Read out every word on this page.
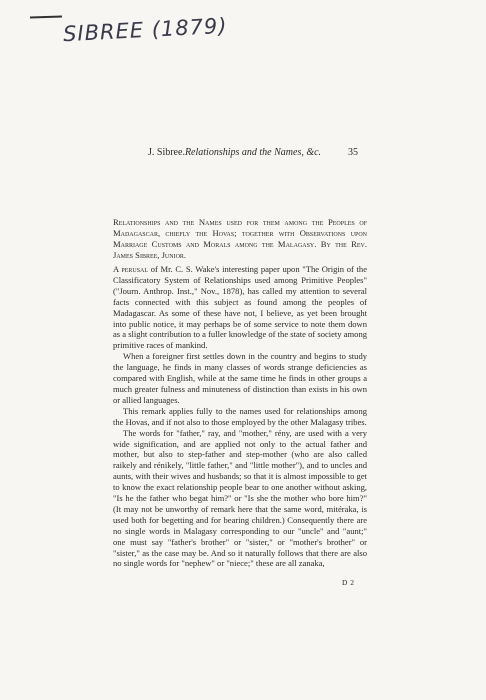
SIBREE (1879)
J. Sibree.Relationships and the Names, &c.	35
Relationships and the Names used for them among the Peoples of Madagascar, chiefly the Hovas; together with Observations upon Marriage Customs and Morals among the Malagasy. By the Rev. James Sibree, Junior.

A perusal of Mr. C. S. Wake's interesting paper upon "The Origin of the Classificatory System of Relationships used among Primitive Peoples" ("Journ. Anthrop. Inst.," Nov., 1878), has called my attention to several facts connected with this subject as found among the peoples of Madagascar. As some of these have not, I believe, as yet been brought into public notice, it may perhaps be of some service to note them down as a slight contribution to a fuller knowledge of the state of society among primitive races of mankind.

When a foreigner first settles down in the country and begins to study the language, he finds in many classes of words strange deficiencies as compared with English, while at the same time he finds in other groups a much greater fulness and minuteness of distinction than exists in his own or allied languages.

This remark applies fully to the names used for relationships among the Hovas, and if not also to those employed by the other Malagasy tribes.

The words for "father," ray, and "mother," rény, are used with a very wide signification, and are applied not only to the actual father and mother, but also to step-father and step-mother (who are also called raikely and rénikely, "little father," and "little mother"), and to uncles and aunts, with their wives and husbands; so that it is almost impossible to get to know the exact relationship people bear to one another without asking, "Is he the father who begat him?" or "Is she the mother who bore him?" (It may not be unworthy of remark here that the same word, mitéraka, is used both for begetting and for bearing children.) Consequently there are no single words in Malagasy corresponding to our "uncle" and "aunt;" one must say "father's brother" or "sister," or "mother's brother" or "sister," as the case may be. And so it naturally follows that there are also no single words for "nephew" or "niece;" these are all zanaka,

D 2
